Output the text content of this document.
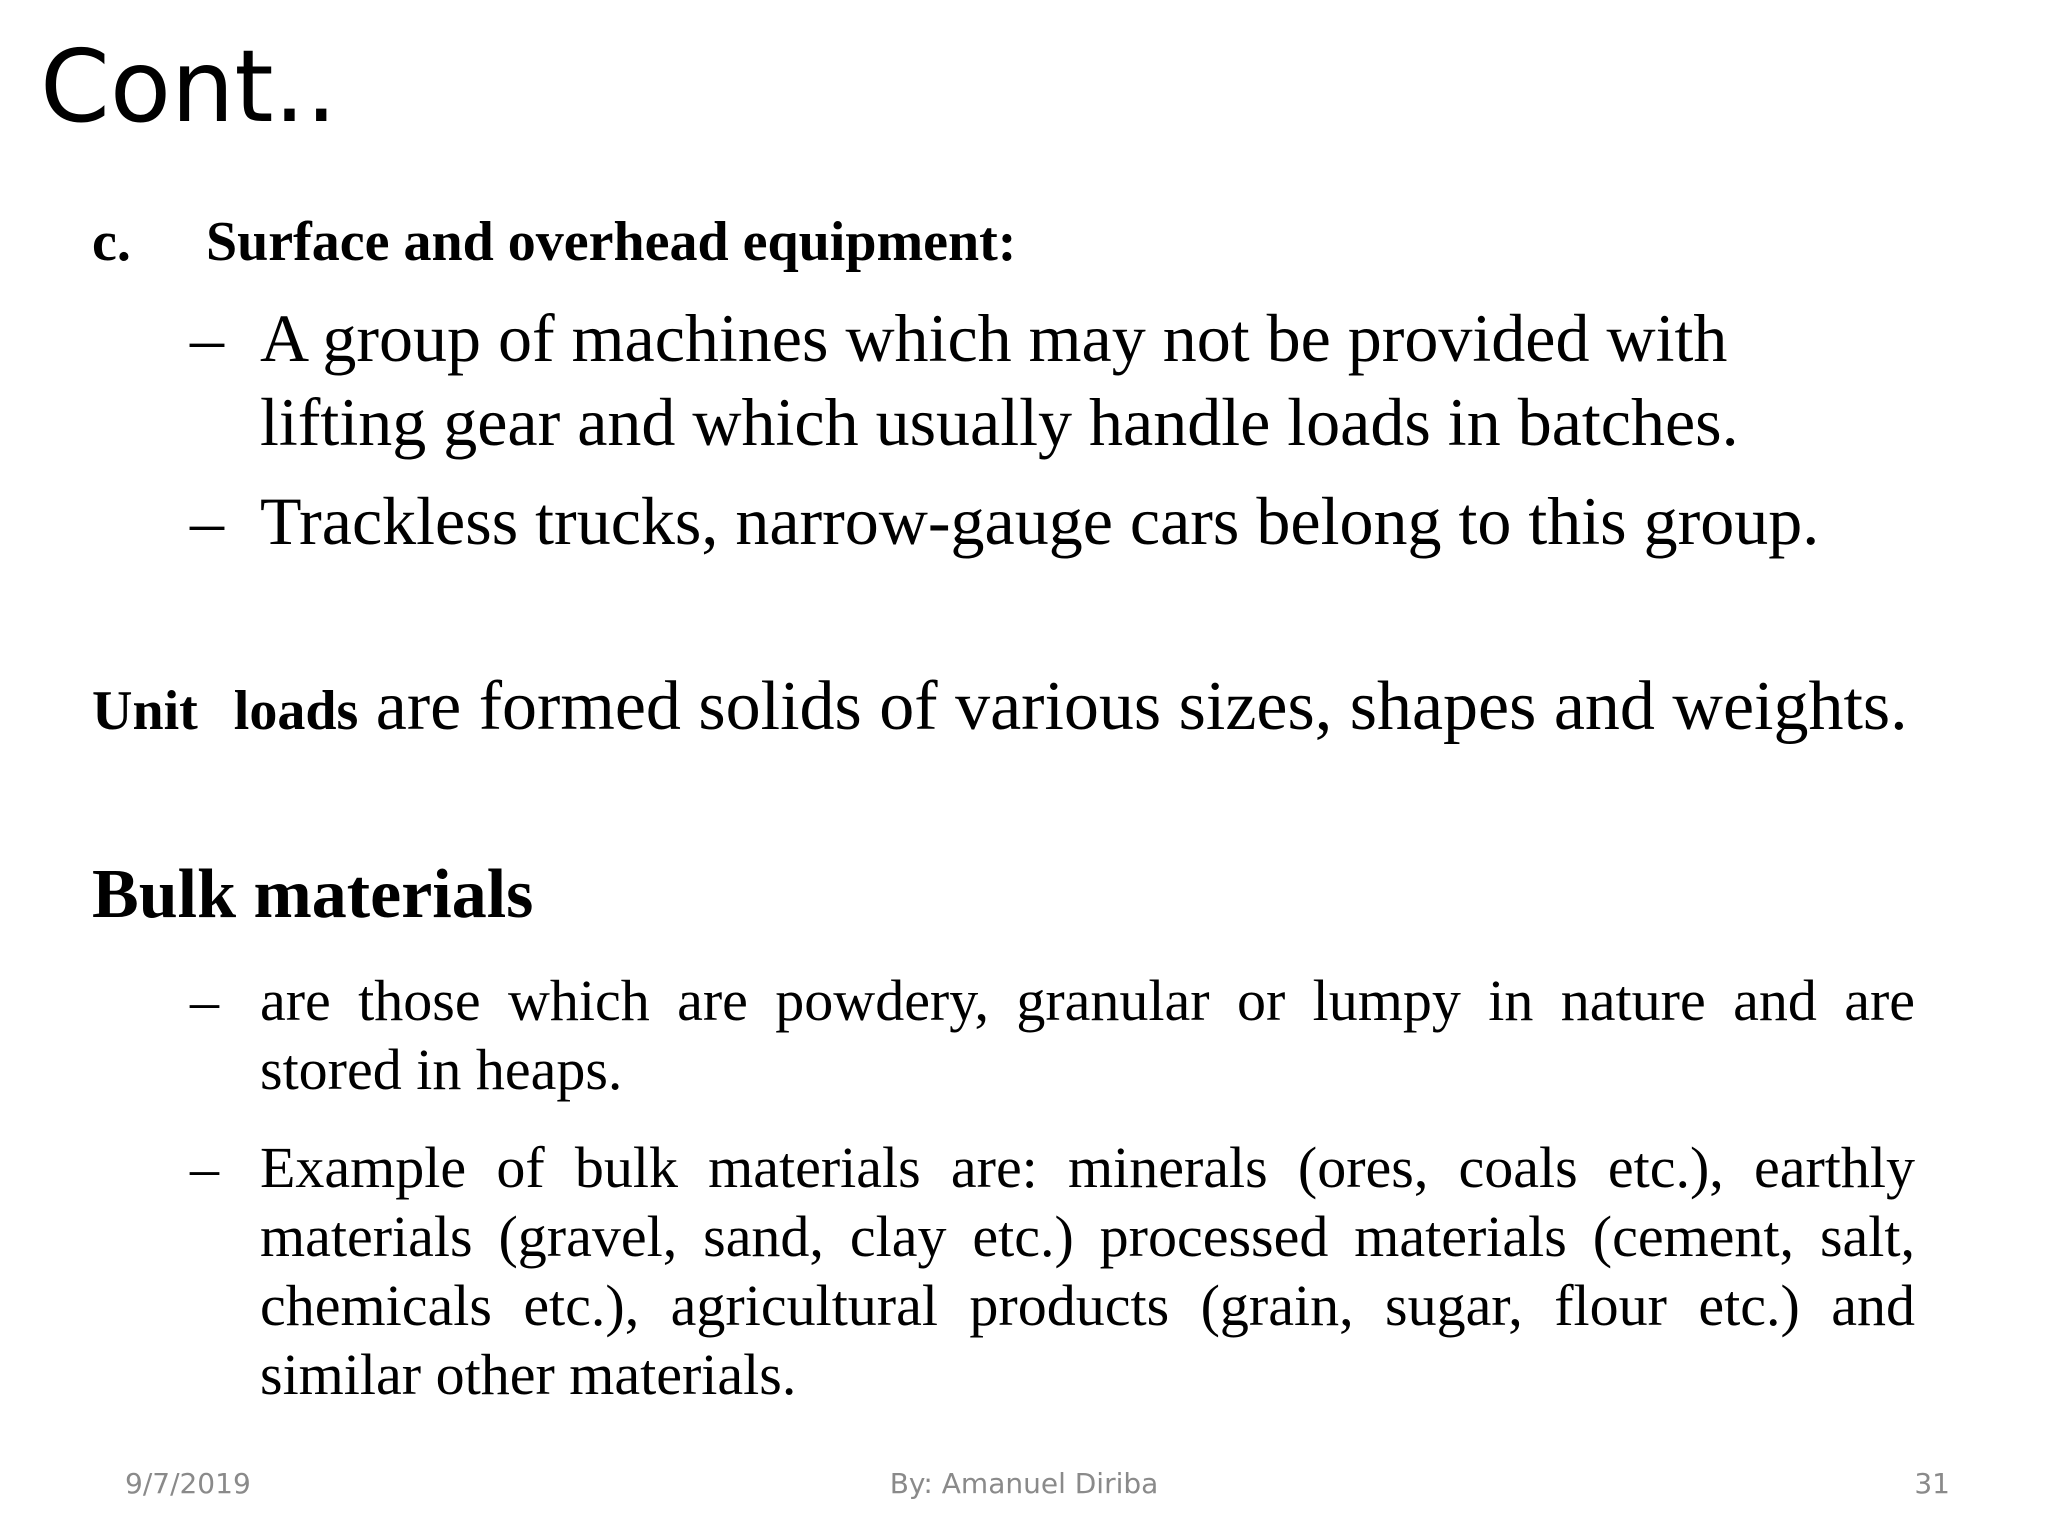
Cont..
c. Surface and overhead equipment:
– A group of machines which may not be provided with lifting gear and which usually handle loads in batches.
– Trackless trucks, narrow-gauge cars belong to this group.
Unit loads are formed solids of various sizes, shapes and weights.
Bulk materials
– are those which are powdery, granular or lumpy in nature and are stored in heaps.
– Example of bulk materials are: minerals (ores, coals etc.), earthly materials (gravel, sand, clay etc.) processed materials (cement, salt, chemicals etc.), agricultural products (grain, sugar, flour etc.) and similar other materials.
By: Amanuel Diriba
9/7/2019	31
